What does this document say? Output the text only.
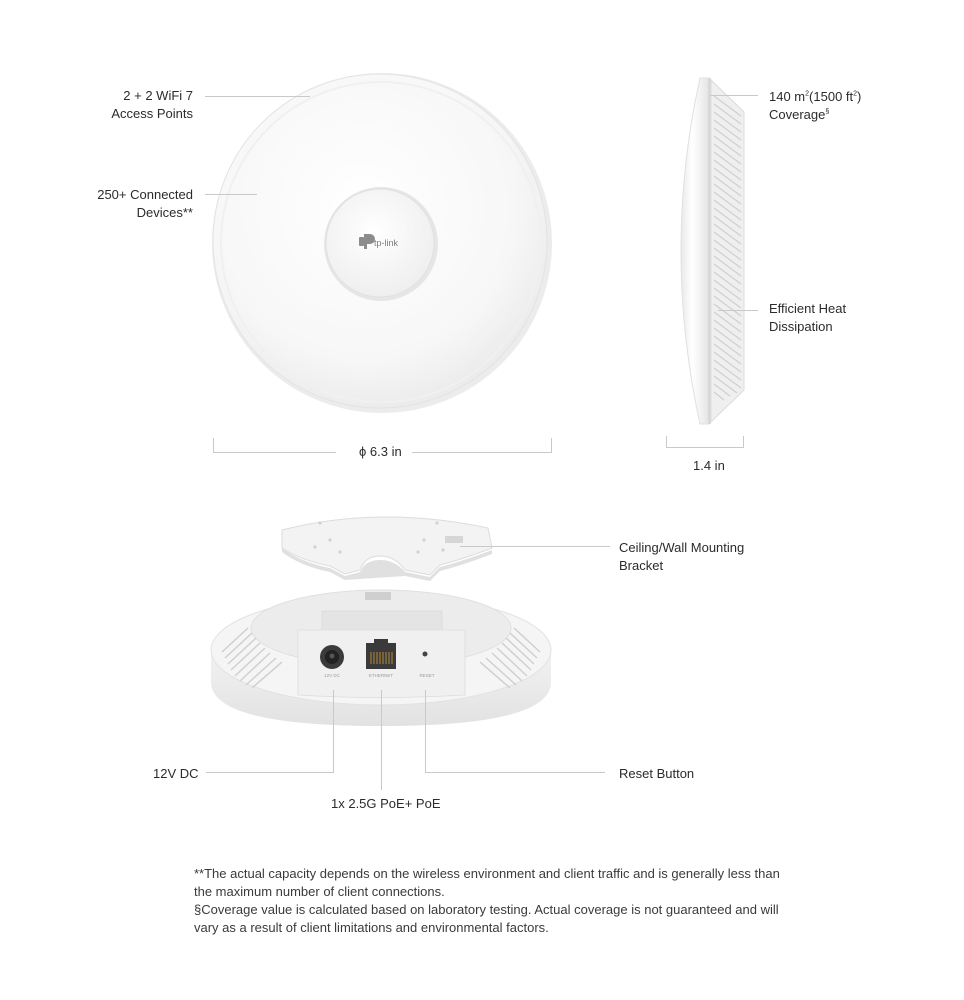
tp-link
12V DC	ETHERNET	RESET
2 + 2 WiFi 7
Access Points
250+ Connected
Devices**
140 $m^2(1500$ $ft^2$)
Coverage§
Efficient Heat
Dissipation
ϕ 6.3 in
1.4 in
Ceiling/Wall Mounting
Bracket
12V DC
1x 2.5G PoE+ PoE
Reset Button

**The actual capacity depends on the wireless environment and client traffic and is generally less than the maximum number of client connections.

§Coverage value is calculated based on laboratory testing. Actual coverage is not guaranteed and will vary as a result of client limitations and environmental factors.
